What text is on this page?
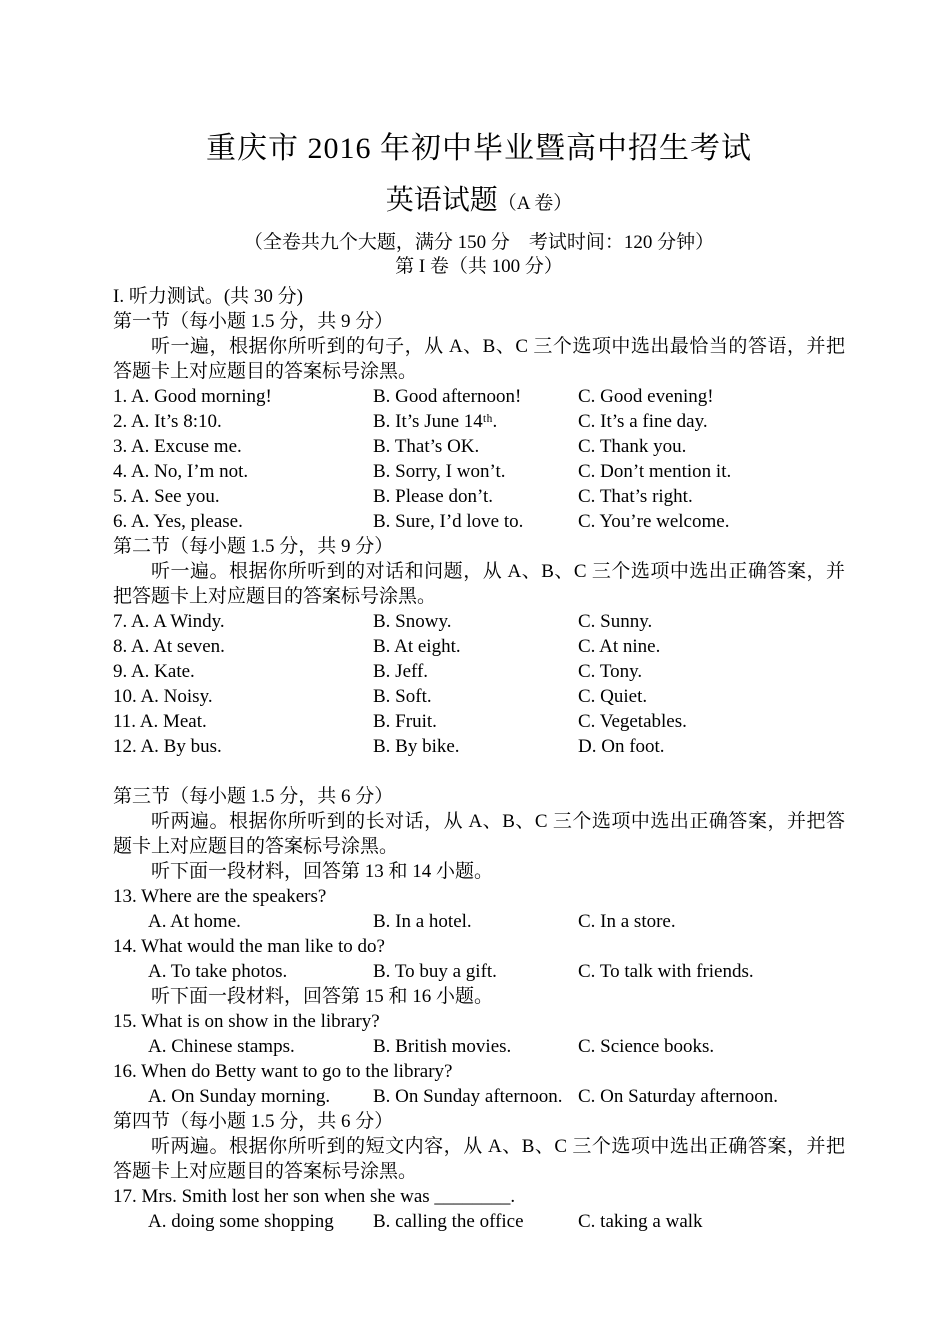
重庆市 2016 年初中毕业暨高中招生考试
英语试题（A 卷）
（全卷共九个大题，满分 150 分　考试时间：120 分钟）
第 I 卷（共 100 分）
I. 听力测试。(共 30 分)
第一节（每小题 1.5 分，共 9 分）
听一遍，根据你所听到的句子，从 A、B、C 三个选项中选出最恰当的答语，并把答题卡上对应题目的答案标号涂黑。
1. A. Good morning!	B. Good afternoon!	C. Good evening!
2. A. It’s 8:10.	B. It’s June 14ᵗʰ.	C. It’s a fine day.
3. A. Excuse me.	B. That’s OK.	C. Thank you.
4. A. No, I’m not.	B. Sorry, I won’t.	C. Don’t mention it.
5. A. See you.	B. Please don’t.	C. That’s right.
6. A. Yes, please.	B. Sure, I’d love to.	C. You’re welcome.
第二节（每小题 1.5 分，共 9 分）
听一遍。根据你所听到的对话和问题，从 A、B、C 三个选项中选出正确答案，并把答题卡上对应题目的答案标号涂黑。
7. A. A Windy.	B. Snowy.	C. Sunny.
8. A. At seven.	B. At eight.	C. At nine.
9. A. Kate.	B. Jeff.	C. Tony.
10. A. Noisy.	B. Soft.	C. Quiet.
11. A. Meat.	B. Fruit.	C. Vegetables.
12. A. By bus.	B. By bike.	D. On foot.
第三节（每小题 1.5 分，共 6 分）
听两遍。根据你所听到的长对话，从 A、B、C 三个选项中选出正确答案，并把答题卡上对应题目的答案标号涂黑。
听下面一段材料，回答第 13 和 14 小题。
13. Where are the speakers?
A. At home.	B. In a hotel.	C. In a store.
14. What would the man like to do?
A. To take photos.	B. To buy a gift.	C. To talk with friends.
听下面一段材料，回答第 15 和 16 小题。
15. What is on show in the library?
A. Chinese stamps.	B. British movies.	C. Science books.
16. When do Betty want to go to the library?
A. On Sunday morning.	B. On Sunday afternoon. C. On Saturday afternoon.
第四节（每小题 1.5 分，共 6 分）
听两遍。根据你所听到的短文内容，从 A、B、C 三个选项中选出正确答案，并把答题卡上对应题目的答案标号涂黑。
17. Mrs. Smith lost her son when she was ________.
A. doing some shopping	B. calling the office	C. taking a walk
